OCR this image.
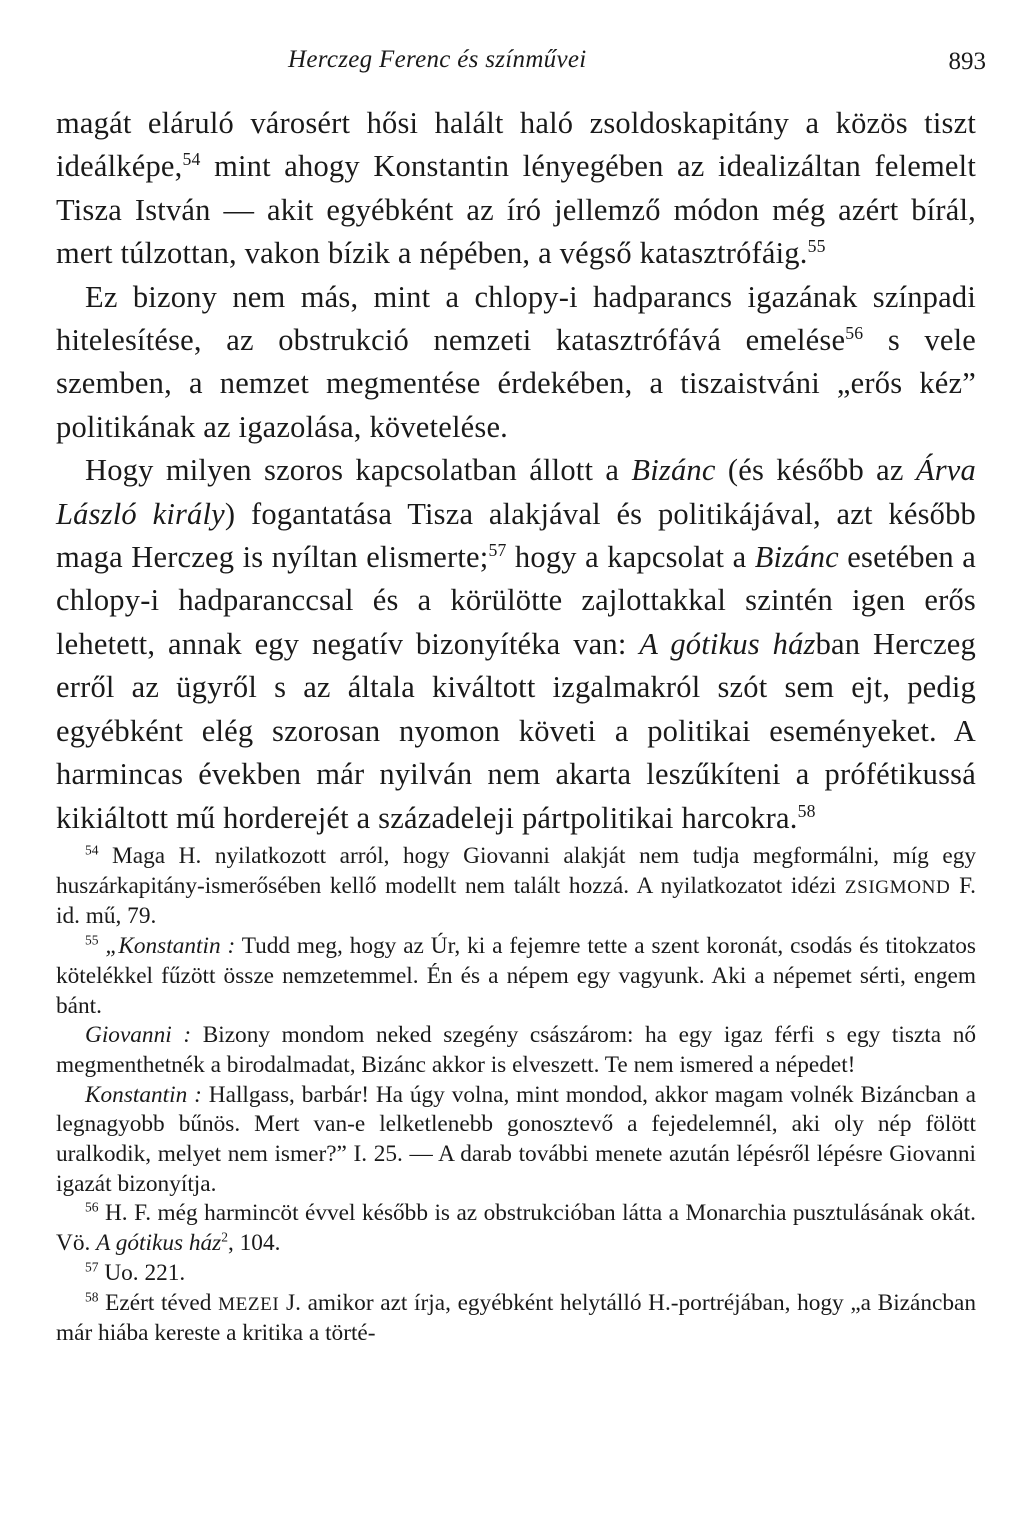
Herczeg Ferenc és színművei	893

magát eláruló városért hősi halált haló zsoldoskapitány a közös tiszt ideálképe,$^{54}$ mint ahogy Konstantin lényegében az idealizáltan felemelt Tisza István — akit egyébként az író jellemző módon még azért bírál, mert túlzottan, vakon bízik a népében, a végső katasztrófáig.$^{55}$

Ez bizony nem más, mint a chlopy-i hadparancs igazának színpadi hitelesítése, az obstrukció nemzeti katasztrófává emelése$^{56}$ s vele szemben, a nemzet megmentése érdekében, a tiszaistváni „erős kéz” politikának az igazolása, követelése.

Hogy milyen szoros kapcsolatban állott a Bizánc (és később az Árva László király) fogantatása Tisza alakjával és politikájával, azt később maga Herczeg is nyíltan elismerte;$^{57}$ hogy a kapcsolat a Bizánc esetében a chlopy-i hadparanccsal és a körülötte zajlottakkal szintén igen erős lehetett, annak egy negatív bizonyítéka van: A gótikus házban Herczeg erről az ügyről s az általa kiváltott izgalmakról szót sem ejt, pedig egyébként elég szorosan nyomon követi a politikai eseményeket. A harmincas években már nyilván nem akarta leszűkíteni a prófétikussá kikiáltott mű horderejét a századeleji pártpolitikai harcokra.$^{58}$

$^{54}$ Maga H. nyilatkozott arról, hogy Giovanni alakját nem tudja megformálni, míg egy huszárkapitány-ismerősében kellő modellt nem talált hozzá. A nyilatkozatot idézi ZSIGMOND F. id. mű, 79.

$^{55}$ „Konstantin : Tudd meg, hogy az Úr, ki a fejemre tette a szent koronát, csodás és titokzatos kötelékkel fűzött össze nemzetemmel. Én és a népem egy vagyunk. Aki a népemet sérti, engem bánt.

Giovanni : Bizony mondom neked szegény császárom: ha egy igaz férfi s egy tiszta nő megmenthetnék a birodalmadat, Bizánc akkor is elveszett. Te nem ismered a népedet!

Konstantin : Hallgass, barbár! Ha úgy volna, mint mondod, akkor magam volnék Bizáncban a legnagyobb bűnös. Mert van-e lelketlenebb gonosztevő a fejedelemnél, aki oly nép fölött uralkodik, melyet nem ismer?” I. 25. — A darab további menete azután lépésről lépésre Giovanni igazát bizonyítja.

$^{56}$ H. F. még harmincöt évvel később is az obstrukcióban látta a Monarchia pusztulásának okát. Vö. A gótikus ház$^2$, 104.

$^{57}$ Uo. 221.

$^{58}$ Ezért téved MEZEI J. amikor azt írja, egyébként helytálló H.-portréjában, hogy „a Bizáncban már hiába kereste a kritika a törté-
